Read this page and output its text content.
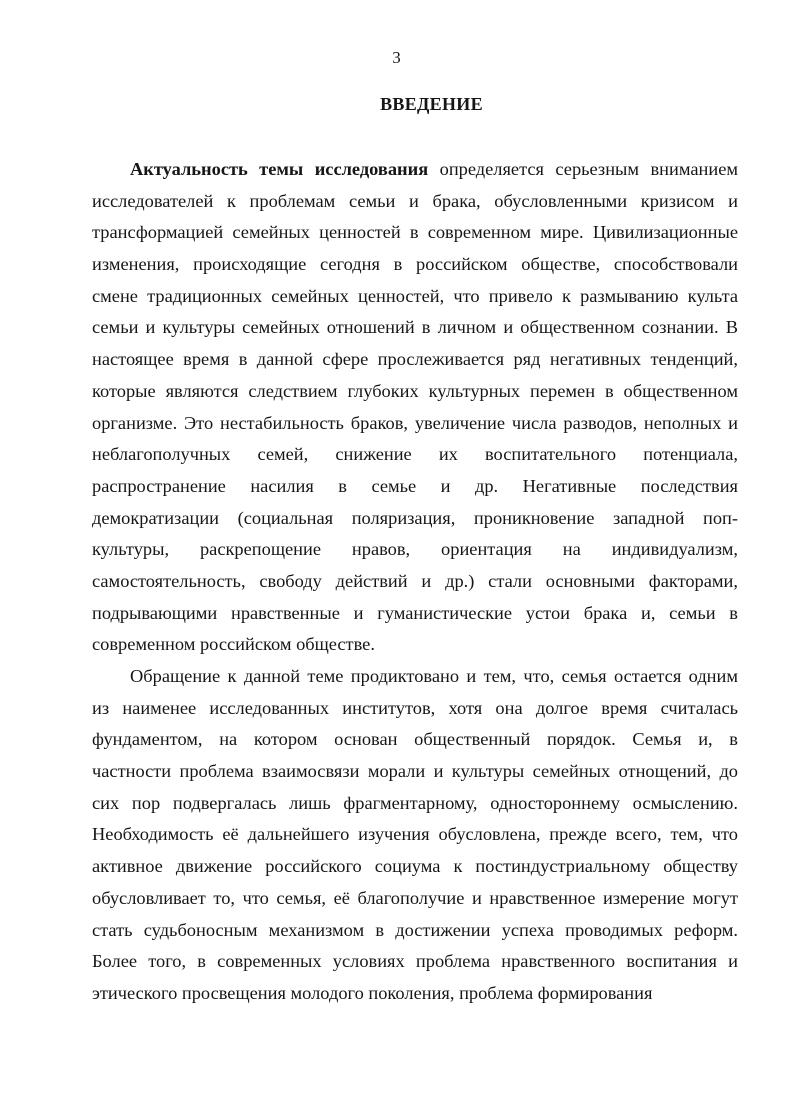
3
ВВЕДЕНИЕ
Актуальность темы исследования определяется серьезным вниманием
исследователей к проблемам семьи и брака, обусловленными кризисом и
трансформацией семейных ценностей в современном мире. Цивилизационные
изменения, происходящие сегодня в российском обществе, способствовали
смене традиционных семейных ценностей, что привело к размыванию культа
семьи и культуры семейных отношений в личном и общественном сознании. В
настоящее время в данной сфере прослеживается ряд негативных тенденций,
которые являются следствием глубоких культурных перемен в общественном
организме. Это нестабильность браков, увеличение числа разводов, неполных и
неблагополучных семей, снижение их воспитательного потенциала,
распространение насилия в семье и др. Негативные последствия
демократизации (социальная поляризация, проникновение западной поп-
культуры, раскрепощение нравов, ориентация на индивидуализм,
самостоятельность, свободу действий и др.) стали основными факторами,
подрывающими нравственные и гуманистические устои брака и, семьи в
современном российском обществе.
Обращение к данной теме продиктовано и тем, что, семья остается одним
из наименее исследованных институтов, хотя она долгое время считалась
фундаментом, на котором основан общественный порядок. Семья и, в
частности проблема взаимосвязи морали и культуры семейных отнощений, до
сих пор подвергалась лишь фрагментарному, одностороннему осмыслению.
Необходимость её дальнейшего изучения обусловлена, прежде всего, тем, что
активное движение российского социума к постиндустриальному обществу
обусловливает то, что семья, её благополучие и нравственное измерение могут
стать судьбоносным механизмом в достижении успеха проводимых реформ.
Более того, в современных условиях проблема нравственного воспитания и
этического просвещения молодого поколения, проблема формирования
